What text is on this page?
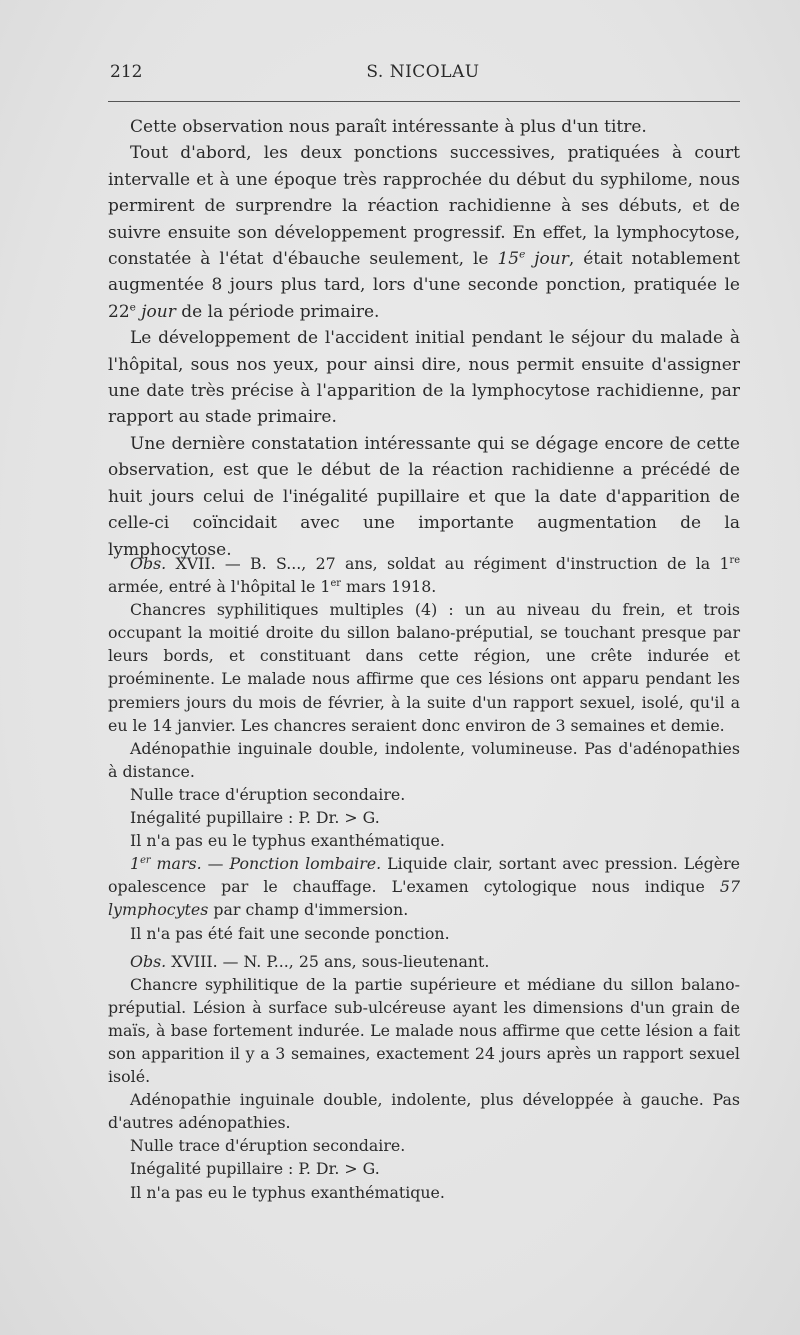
212	S. NICOLAU

Cette observation nous paraît intéressante à plus d'un titre.

Tout d'abord, les deux ponctions successives, pratiquées à court intervalle et à une époque très rapprochée du début du syphilome, nous permirent de surprendre la réaction rachidienne à ses débuts, et de suivre ensuite son développement progressif. En effet, la lymphocytose, constatée à l'état d'ébauche seulement, le 15e jour, était notablement augmentée 8 jours plus tard, lors d'une seconde ponction, pratiquée le 22e jour de la période primaire.

Le développement de l'accident initial pendant le séjour du malade à l'hôpital, sous nos yeux, pour ainsi dire, nous permit ensuite d'assigner une date très précise à l'apparition de la lymphocytose rachidienne, par rapport au stade primaire.

Une dernière constatation intéressante qui se dégage encore de cette observation, est que le début de la réaction rachidienne a précédé de huit jours celui de l'inégalité pupillaire et que la date d'apparition de celle-ci coïncidait avec une importante augmentation de la lymphocytose.

Obs. XVII. — B. S..., 27 ans, soldat au régiment d'instruction de la 1re armée, entré à l'hôpital le 1er mars 1918.

Chancres syphilitiques multiples (4) : un au niveau du frein, et trois occupant la moitié droite du sillon balano-préputial, se touchant presque par leurs bords, et constituant dans cette région, une crête indurée et proéminente. Le malade nous affirme que ces lésions ont apparu pendant les premiers jours du mois de février, à la suite d'un rapport sexuel, isolé, qu'il a eu le 14 janvier. Les chancres seraient donc environ de 3 semaines et demie.

Adénopathie inguinale double, indolente, volumineuse. Pas d'adénopathies à distance.

Nulle trace d'éruption secondaire.

Inégalité pupillaire : P. Dr. > G.

Il n'a pas eu le typhus exanthématique.

1er mars. — Ponction lombaire. Liquide clair, sortant avec pression. Légère opalescence par le chauffage. L'examen cytologique nous indique 57 lymphocytes par champ d'immersion.

Il n'a pas été fait une seconde ponction.

Obs. XVIII. — N. P..., 25 ans, sous-lieutenant.

Chancre syphilitique de la partie supérieure et médiane du sillon balano-préputial. Lésion à surface sub-ulcéreuse ayant les dimensions d'un grain de maïs, à base fortement indurée. Le malade nous affirme que cette lésion a fait son apparition il y a 3 semaines, exactement 24 jours après un rapport sexuel isolé.

Adénopathie inguinale double, indolente, plus développée à gauche. Pas d'autres adénopathies.

Nulle trace d'éruption secondaire.

Inégalité pupillaire : P. Dr. > G.

Il n'a pas eu le typhus exanthématique.
